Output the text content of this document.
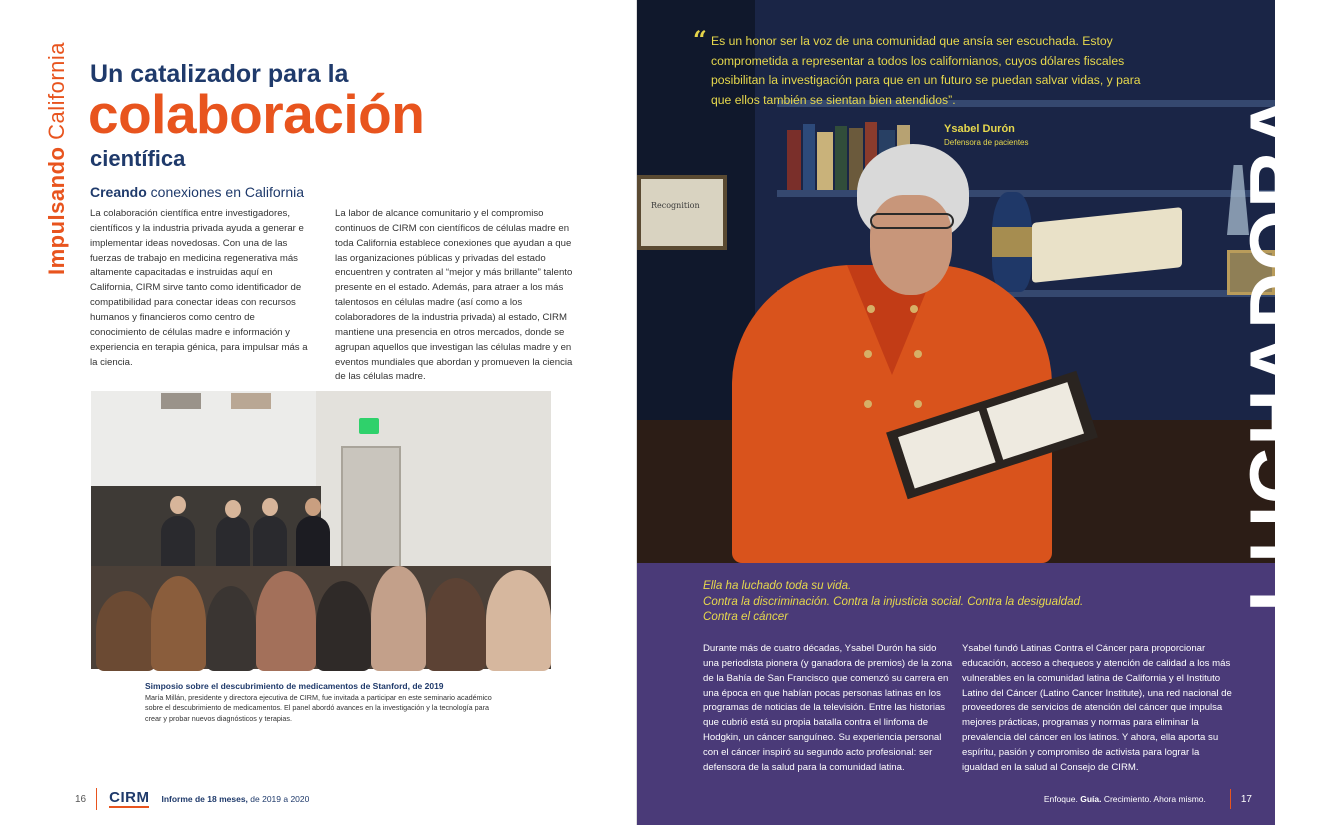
Impulsando California Un catalizador para la
colaboración
científica
Creando conexiones en California

La colaboración científica entre investigadores, científicos y la industria privada ayuda a generar e implementar ideas novedosas. Con una de las fuerzas de trabajo en medicina regenerativa más altamente capacitadas e instruidas aquí en California, CIRM sirve tanto como identificador de compatibilidad para conectar ideas con recursos humanos y financieros como centro de conocimiento de células madre e información y experiencia en terapia génica, para impulsar más a la ciencia.

La labor de alcance comunitario y el compromiso continuos de CIRM con científicos de células madre en toda California establece conexiones que ayudan a que las organizaciones públicas y privadas del estado encuentren y contraten al “mejor y más brillante” talento presente en el estado. Además, para atraer a los más talentosos en células madre (así como a los colaboradores de la industria privada) al estado, CIRM mantiene una presencia en otros mercados, donde se agrupan aquellos que investigan las células madre y en eventos mundiales que abordan y promueven la ciencia de las células madre.

Simposio sobre el descubrimiento de medicamentos de Stanford, de 2019
María Millán, presidente y directora ejecutiva de CIRM, fue invitada a participar en este seminario académico sobre el descubrimiento de medicamentos. El panel abordó avances en la investigación y la tecnología para crear y probar nuevos diagnósticos y terapias.
16 CIRM Informe de 18 meses, de 2019 a 2020
Recognition
“ Es un honor ser la voz de una comunidad que ansía ser escuchada. Estoy comprometida a representar a todos los californianos, cuyos dólares fiscales posibilitan la investigación para que en un futuro se puedan salvar vidas, y para que ellos también se sientan bien atendidos”.
Ysabel Durón
Defensora de pacientes
Ella ha luchado toda su vida.
Contra la discriminación. Contra la injusticia social. Contra la desigualdad.
Contra el cáncer

Durante más de cuatro décadas, Ysabel Durón ha sido una periodista pionera (y ganadora de premios) de la zona de la Bahía de San Francisco que comenzó su carrera en una época en que habían pocas personas latinas en los programas de noticias de la televisión. Entre las historias que cubrió está su propia batalla contra el linfoma de Hodgkin, un cáncer sanguíneo. Su experiencia personal con el cáncer inspiró su segundo acto profesional: ser defensora de la salud para la comunidad latina.

Ysabel fundó Latinas Contra el Cáncer para proporcionar educación, acceso a chequeos y atención de calidad a los más vulnerables en la comunidad latina de California y el Instituto Latino del Cáncer (Latino Cancer Institute), una red nacional de proveedores de servicios de atención del cáncer que impulsa mejores prácticas, programas y normas para eliminar la prevalencia del cáncer en los latinos. Y ahora, ella aporta su espíritu, pasión y compromiso de activista para lograr la igualdad en la salud al Consejo de CIRM.

Enfoque. Guía. Crecimiento. Ahora mismo.	17
LUCHADORA
